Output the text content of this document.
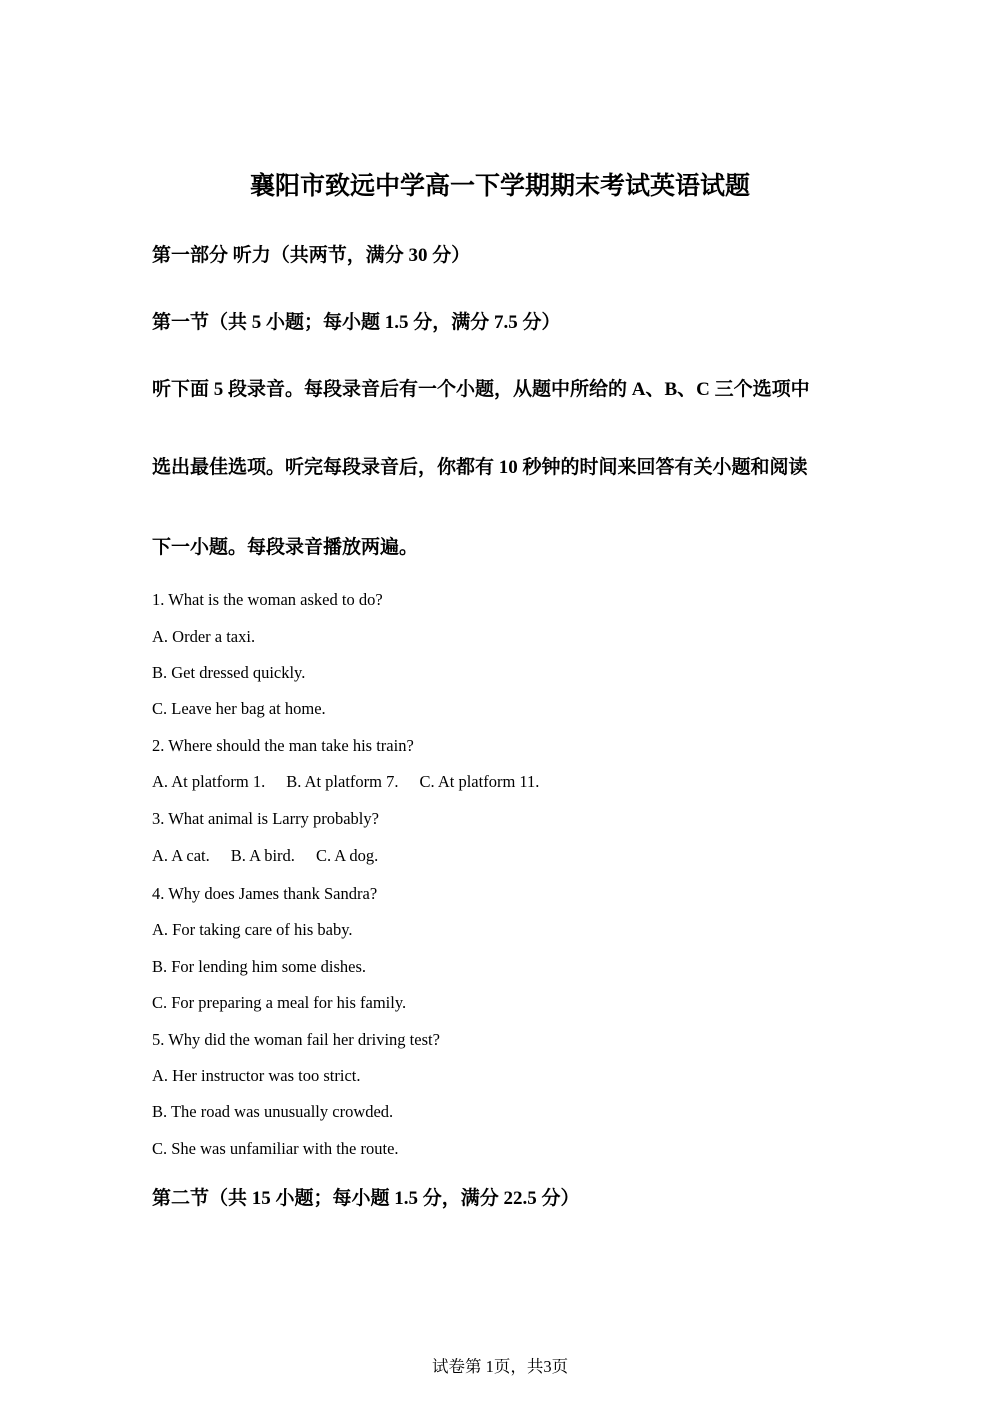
襄阳市致远中学高一下学期期末考试英语试题
第一部分 听力（共两节，满分 30 分）
第一节（共 5 小题；每小题 1.5 分，满分 7.5 分）
听下面 5 段录音。每段录音后有一个小题，从题中所给的 A、B、C 三个选项中
选出最佳选项。听完每段录音后，你都有 10 秒钟的时间来回答有关小题和阅读
下一小题。每段录音播放两遍。
1. What is the woman asked to do?
A. Order a taxi.
B. Get dressed quickly.
C. Leave her bag at home.
2. Where should the man take his train?
A. At platform 1. B. At platform 7. C. At platform 11.
3. What animal is Larry probably?
A. A cat. B. A bird. C. A dog.
4. Why does James thank Sandra?
A. For taking care of his baby.
B. For lending him some dishes.
C. For preparing a meal for his family.
5. Why did the woman fail her driving test?
A. Her instructor was too strict.
B. The road was unusually crowded.
C. She was unfamiliar with the route.
第二节（共 15 小题；每小题 1.5 分，满分 22.5 分）
试卷第 1页，共3页
